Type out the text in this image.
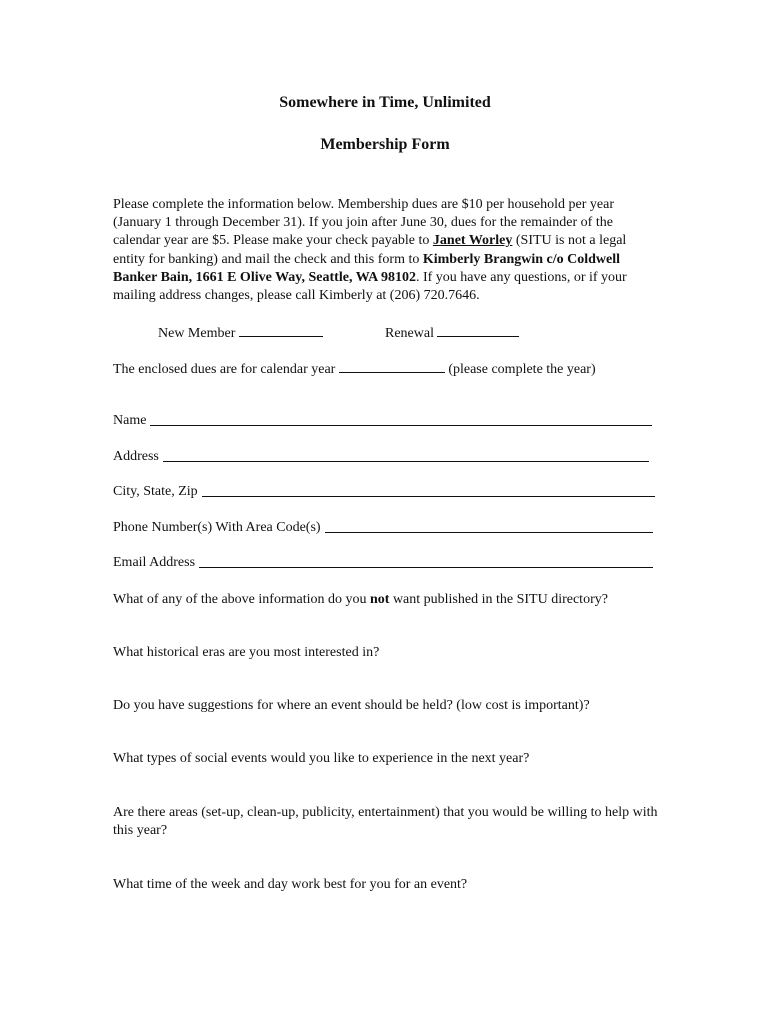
Somewhere in Time, Unlimited
Membership Form

Please complete the information below. Membership dues are $10 per household per year (January 1 through December 31). If you join after June 30, dues for the remainder of the calendar year are $5. Please make your check payable to Janet Worley (SITU is not a legal entity for banking) and mail the check and this form to Kimberly Brangwin c/o Coldwell Banker Bain, 1661 E Olive Way, Seattle, WA 98102. If you have any questions, or if your mailing address changes, please call Kimberly at (206) 720.7646.

New Member	Renewal
The enclosed dues are for calendar year	(please complete the year)
Name
Address
City, State, Zip
Phone Number(s) With Area Code(s)
Email Address

What of any of the above information do you not want published in the SITU directory?

What historical eras are you most interested in?

Do you have suggestions for where an event should be held? (low cost is important)?

What types of social events would you like to experience in the next year?

Are there areas (set-up, clean-up, publicity, entertainment) that you would be willing to help with this year?

What time of the week and day work best for you for an event?
